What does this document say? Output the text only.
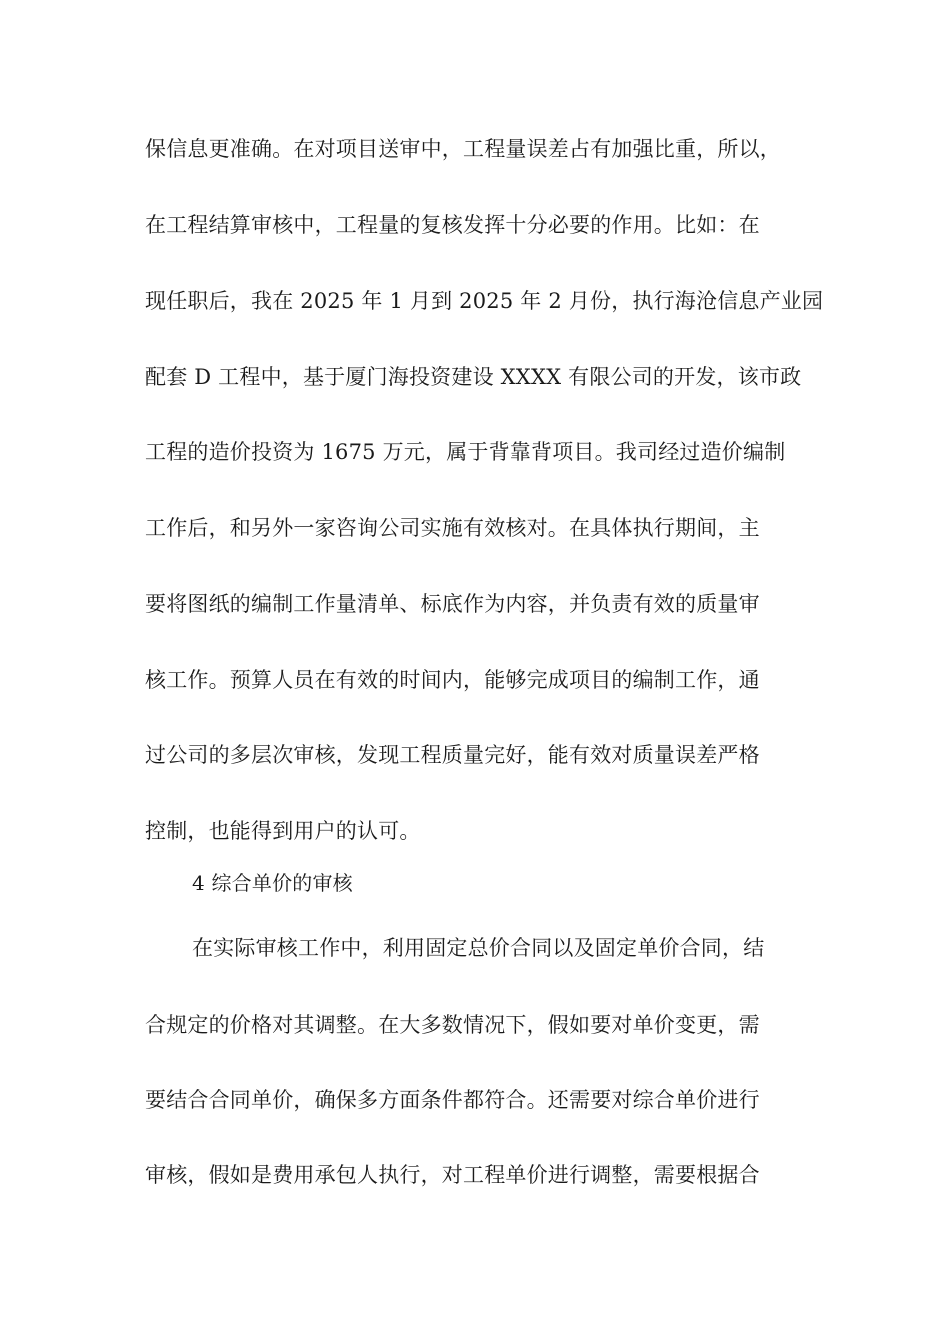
保信息更准确。在对项目送审中，工程量误差占有加强比重，所以，
在工程结算审核中，工程量的复核发挥十分必要的作用。比如：在
现任职后，我在 2025 年 1 月到 2025 年 2 月份，执行海沧信息产业园
配套 D 工程中，基于厦门海投资建设 XXXX 有限公司的开发，该市政
工程的造价投资为 1675 万元，属于背靠背项目。我司经过造价编制
工作后，和另外一家咨询公司实施有效核对。在具体执行期间，主
要将图纸的编制工作量清单、标底作为内容，并负责有效的质量审
核工作。预算人员在有效的时间内，能够完成项目的编制工作，通
过公司的多层次审核，发现工程质量完好，能有效对质量误差严格
控制，也能得到用户的认可。
4 综合单价的审核
在实际审核工作中，利用固定总价合同以及固定单价合同，结
合规定的价格对其调整。在大多数情况下，假如要对单价变更，需
要结合合同单价，确保多方面条件都符合。还需要对综合单价进行
审核，假如是费用承包人执行，对工程单价进行调整，需要根据合
